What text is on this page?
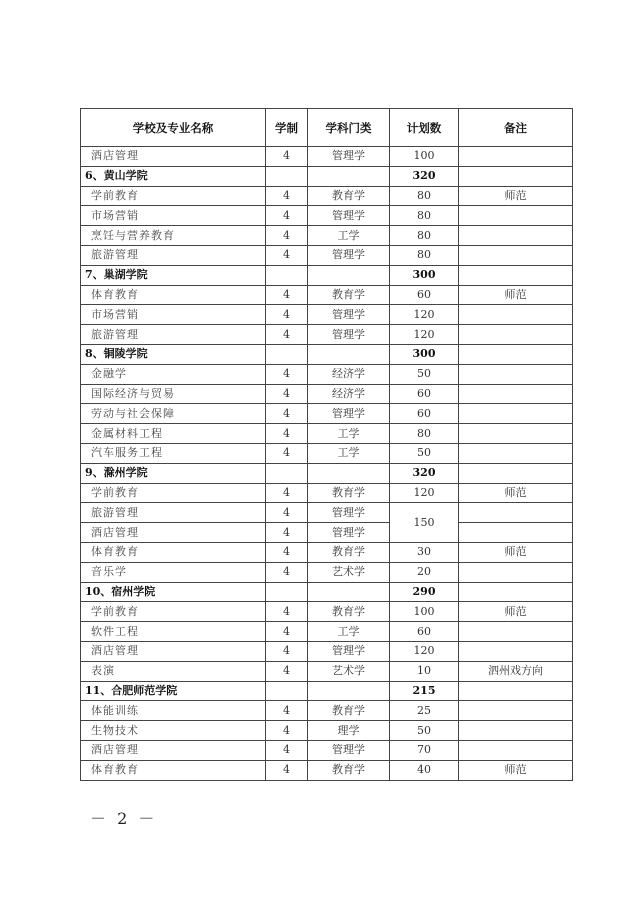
学校及专业名称	学制	学科门类	计划数	备注
酒店管理	4	管理学	100	
6、黄山学院			320	
学前教育	4	教育学	80	师范
市场营销	4	管理学	80	
烹饪与营养教育	4	工学	80	
旅游管理	4	管理学	80	
7、巢湖学院			300	
体育教育	4	教育学	60	师范
市场营销	4	管理学	120	
旅游管理	4	管理学	120	
8、铜陵学院			300	
金融学	4	经济学	50	
国际经济与贸易	4	经济学	60	
劳动与社会保障	4	管理学	60	
金属材料工程	4	工学	80	
汽车服务工程	4	工学	50	
9、滁州学院			320	
学前教育	4	教育学	120	师范
旅游管理	4	管理学	150	
酒店管理	4	管理学		
体育教育	4	教育学	30	师范
音乐学	4	艺术学	20	
10、宿州学院			290	
学前教育	4	教育学	100	师范
软件工程	4	工学	60	
酒店管理	4	管理学	120	
表演	4	艺术学	10	泗州戏方向
11、合肥师范学院			215	
体能训练	4	教育学	25	
生物技术	4	理学	50	
酒店管理	4	管理学	70	
体育教育	4	教育学	40	师范
－ 2 －
